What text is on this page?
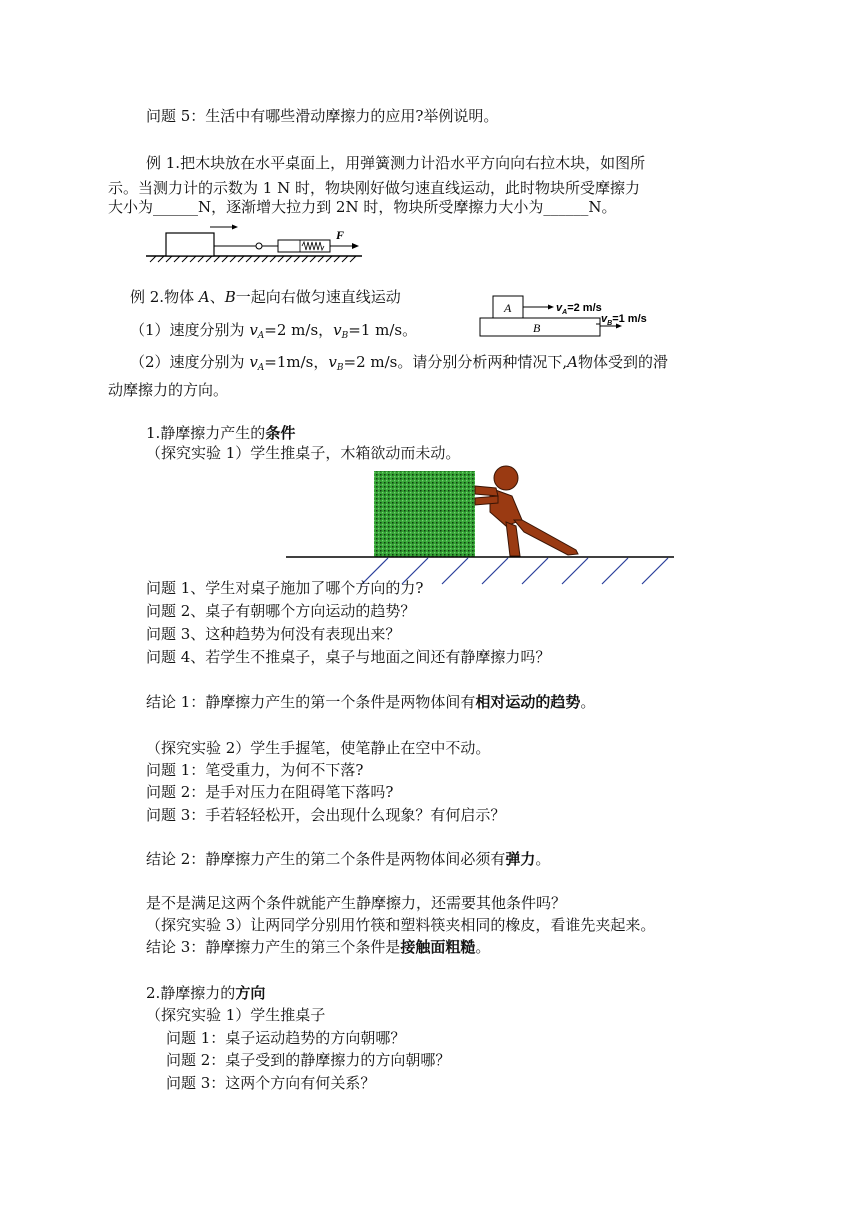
问题 5：生活中有哪些滑动摩擦力的应用?举例说明。
例 1.把木块放在水平桌面上，用弹簧测力计沿水平方向向右拉木块，如图所
示。当测力计的示数为 1 N 时，物块刚好做匀速直线运动，此时物块所受摩擦力
大小为______N，逐渐增大拉力到 2N 时，物块所受摩擦力大小为______N。
F
例 2.物体 A、B一起向右做匀速直线运动
（1）速度分别为 $v_A=2$ m/s，$v_B=1$ m/s。
（2）速度分别为 $v_A=1m/s$，$v_B=2$ m/s。请分别分析两种情况下,A物体受到的滑
动摩擦力的方向。
A
B
$v_A=2$ m/s
$v_B=1$ m/s
1.静摩擦力产生的条件
（探究实验 1）学生推桌子，木箱欲动而未动。
问题 1、学生对桌子施加了哪个方向的力?
问题 2、桌子有朝哪个方向运动的趋势？
问题 3、这种趋势为何没有表现出来？
问题 4、若学生不推桌子，桌子与地面之间还有静摩擦力吗？
结论 1：静摩擦力产生的第一个条件是两物体间有相对运动的趋势。
（探究实验 2）学生手握笔，使笔静止在空中不动。
问题 1：笔受重力，为何不下落?
问题 2：是手对压力在阻碍笔下落吗?
问题 3：手若轻轻松开，会出现什么现象？有何启示？
结论 2：静摩擦力产生的第二个条件是两物体间必须有弹力。
是不是满足这两个条件就能产生静摩擦力，还需要其他条件吗？
（探究实验 3）让两同学分别用竹筷和塑料筷夹相同的橡皮，看谁先夹起来。
结论 3：静摩擦力产生的第三个条件是接触面粗糙。
2.静摩擦力的方向
（探究实验 1）学生推桌子
问题 1：桌子运动趋势的方向朝哪？
问题 2：桌子受到的静摩擦力的方向朝哪？
问题 3：这两个方向有何关系？
